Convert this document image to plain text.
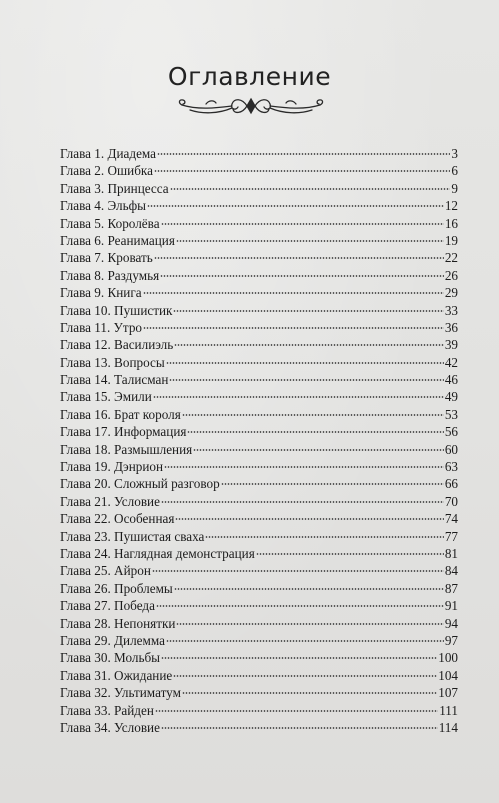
Оглавление
Глава 1. Диадема	3
Глава 2. Ошибка	6
Глава 3. Принцесса	9
Глава 4. Эльфы	12
Глава 5. Королёва	16
Глава 6. Реанимация	19
Глава 7. Кровать	22
Глава 8. Раздумья	26
Глава 9. Книга	29
Глава 10. Пушистик	33
Глава 11. Утро	36
Глава 12. Василиэль	39
Глава 13. Вопросы	42
Глава 14. Талисман	46
Глава 15. Эмили	49
Глава 16. Брат короля	53
Глава 17. Информация	56
Глава 18. Размышления	60
Глава 19. Дэнрион	63
Глава 20. Сложный разговор	66
Глава 21. Условие	70
Глава 22. Особенная	74
Глава 23. Пушистая сваха	77
Глава 24. Наглядная демонстрация	81
Глава 25. Айрон	84
Глава 26. Проблемы	87
Глава 27. Победа	91
Глава 28. Непонятки	94
Глава 29. Дилемма	97
Глава 30. Мольбы	100
Глава 31. Ожидание	104
Глава 32. Ультиматум	107
Глава 33. Райден	111
Глава 34. Условие	114
